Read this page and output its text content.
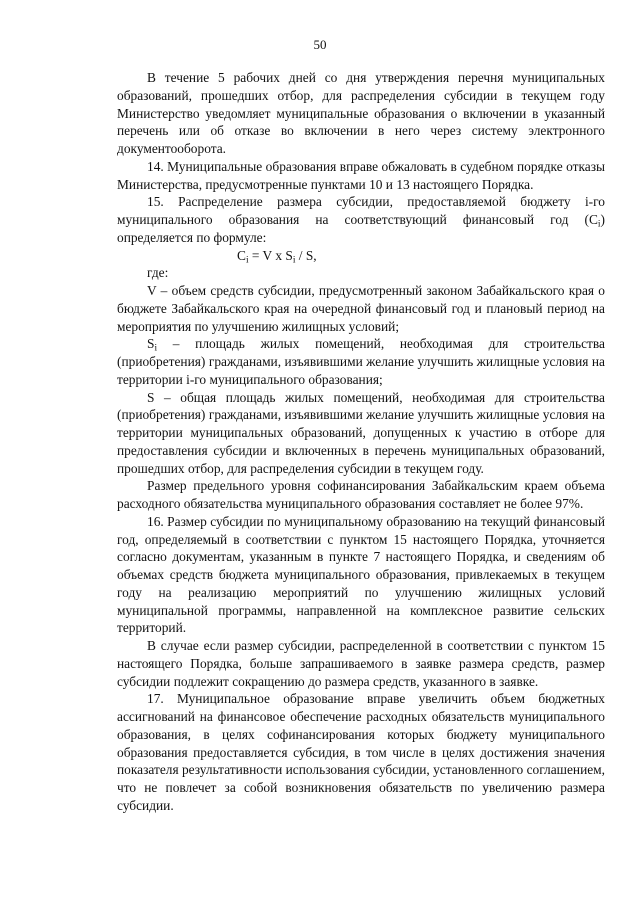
50

В течение 5 рабочих дней со дня утверждения перечня муниципальных образований, прошедших отбор, для распределения субсидии в текущем году Министерство уведомляет муниципальные образования о включении в указанный перечень или об отказе во включении в него через систему электронного документооборота.

14. Муниципальные образования вправе обжаловать в судебном порядке отказы Министерства, предусмотренные пунктами 10 и 13 настоящего Порядка.

15. Распределение размера субсидии, предоставляемой бюджету i-го муниципального образования на соответствующий финансовый год $(C_i)$ определяется по формуле:

$C_i = V$ x $S_i$ / S,

где:

V – объем средств субсидии, предусмотренный законом Забайкальского края о бюджете Забайкальского края на очередной финансовый год и плановый период на мероприятия по улучшению жилищных условий;

$S_i$ – площадь жилых помещений, необходимая для строительства (приобретения) гражданами, изъявившими желание улучшить жилищные условия на территории i-го муниципального образования;

S – общая площадь жилых помещений, необходимая для строительства (приобретения) гражданами, изъявившими желание улучшить жилищные условия на территории муниципальных образований, допущенных к участию в отборе для предоставления субсидии и включенных в перечень муниципальных образований, прошедших отбор, для распределения субсидии в текущем году.

Размер предельного уровня софинансирования Забайкальским краем объема расходного обязательства муниципального образования составляет не более 97%.

16. Размер субсидии по муниципальному образованию на текущий финансовый год, определяемый в соответствии с пунктом 15 настоящего Порядка, уточняется согласно документам, указанным в пункте 7 настоящего Порядка, и сведениям об объемах средств бюджета муниципального образования, привлекаемых в текущем году на реализацию мероприятий по улучшению жилищных условий муниципальной программы, направленной на комплексное развитие сельских территорий.

В случае если размер субсидии, распределенной в соответствии с пунктом 15 настоящего Порядка, больше запрашиваемого в заявке размера средств, размер субсидии подлежит сокращению до размера средств, указанного в заявке.

17. Муниципальное образование вправе увеличить объем бюджетных ассигнований на финансовое обеспечение расходных обязательств муниципального образования, в целях софинансирования которых бюджету муниципального образования предоставляется субсидия, в том числе в целях достижения значения показателя результативности использования субсидии, установленного соглашением, что не повлечет за собой возникновения обязательств по увеличению размера субсидии.
